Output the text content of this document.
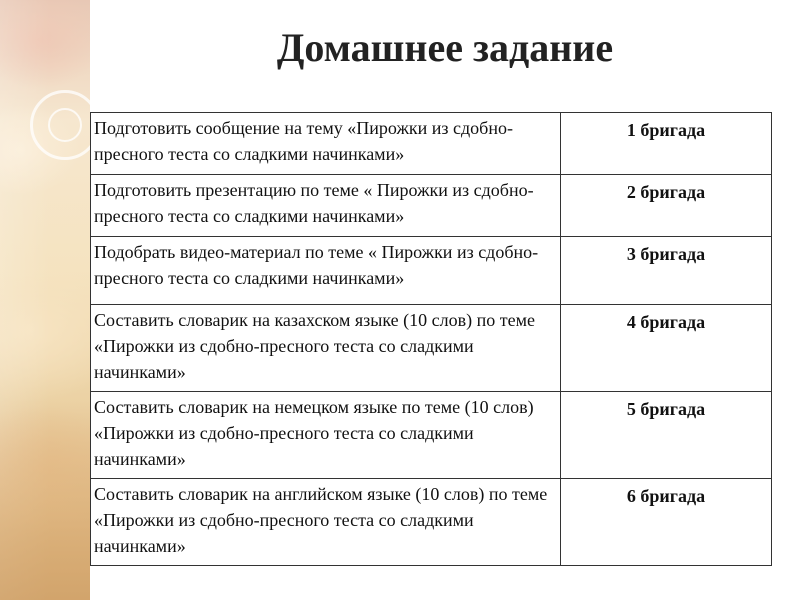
Домашнее задание
Подготовить сообщение на тему «Пирожки из сдобно-пресного теста со сладкими начинками»	1 бригада
Подготовить презентацию по теме « Пирожки из сдобно-пресного теста со сладкими начинками»	2 бригада
Подобрать видео-материал по теме « Пирожки из сдобно-пресного теста со сладкими начинками»	3 бригада
Составить словарик на казахском языке (10 слов) по теме «Пирожки из сдобно-пресного теста со сладкими начинками»	4 бригада
Составить словарик на немецком языке по теме (10 слов) «Пирожки из сдобно-пресного теста со сладкими начинками»	5 бригада
Составить словарик на английском языке (10 слов) по теме «Пирожки из сдобно-пресного теста со сладкими начинками»	6 бригада
